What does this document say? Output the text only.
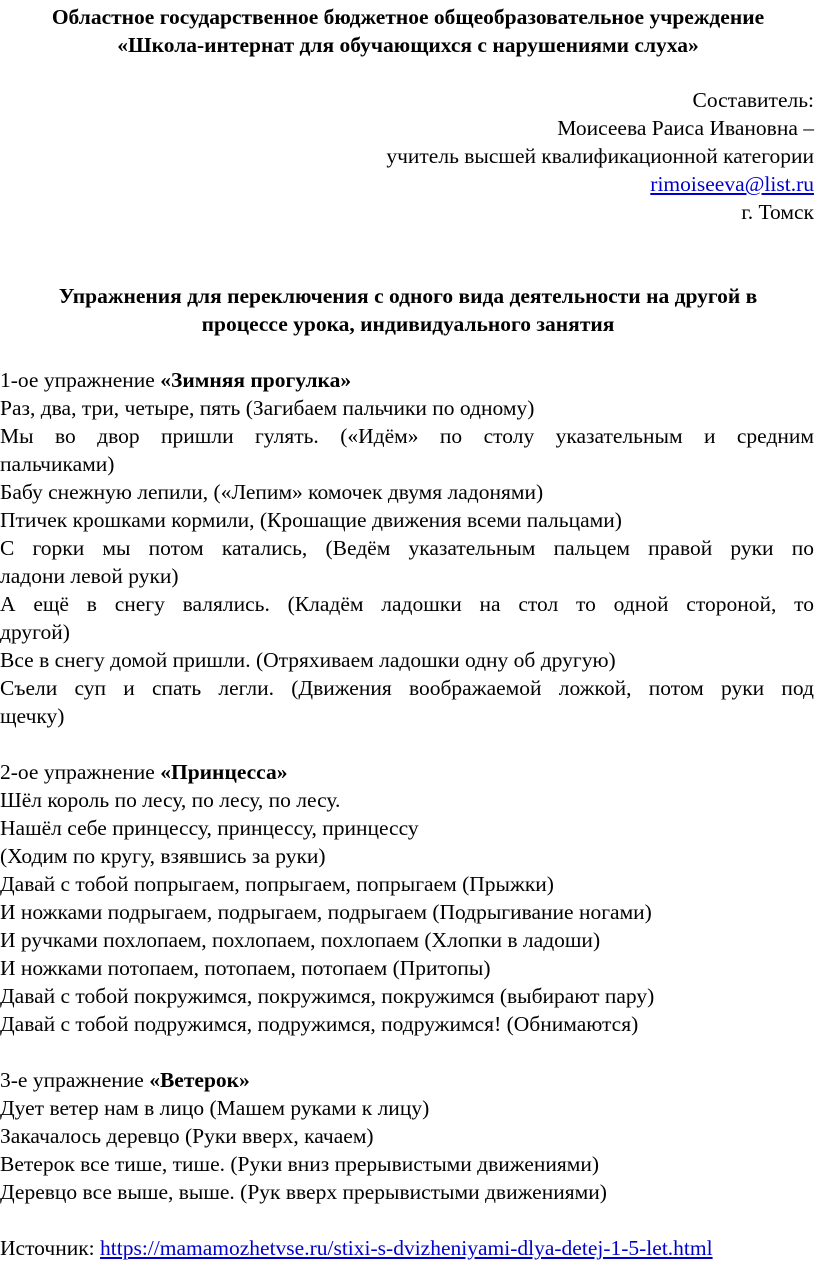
Областное государственное бюджетное общеобразовательное учреждение
«Школа-интернат для обучающихся с нарушениями слуха»
Составитель:
Моисеева Раиса Ивановна –
учитель высшей квалификационной категории
rimoiseeva@list.ru
г. Томск
Упражнения для переключения с одного вида деятельности на другой в
процессе урока, индивидуального занятия
1-ое упражнение «Зимняя прогулка»
Раз, два, три, четыре, пять (Загибаем пальчики по одному)
Мы во двор пришли гулять. («Идём» по столу указательным и средним
пальчиками)
Бабу снежную лепили, («Лепим» комочек двумя ладонями)
Птичек крошками кормили, (Крошащие движения всеми пальцами)
С горки мы потом катались, (Ведём указательным пальцем правой руки по
ладони левой руки)
А ещё в снегу валялись. (Кладём ладошки на стол то одной стороной, то
другой)
Все в снегу домой пришли. (Отряхиваем ладошки одну об другую)
Съели суп и спать легли. (Движения воображаемой ложкой, потом руки под
щечку)
2-ое упражнение «Принцесса»
Шёл король по лесу, по лесу, по лесу.
Нашёл себе принцессу, принцессу, принцессу
(Ходим по кругу, взявшись за руки)
Давай с тобой попрыгаем, попрыгаем, попрыгаем (Прыжки)
И ножками подрыгаем, подрыгаем, подрыгаем (Подрыгивание ногами)
И ручками похлопаем, похлопаем, похлопаем (Хлопки в ладоши)
И ножками потопаем, потопаем, потопаем (Притопы)
Давай с тобой покружимся, покружимся, покружимся (выбирают пару)
Давай с тобой подружимся, подружимся, подружимся! (Обнимаются)
3-е упражнение «Ветерок»
Дует ветер нам в лицо (Машем руками к лицу)
Закачалось деревцо (Руки вверх, качаем)
Ветерок все тише, тише. (Руки вниз прерывистыми движениями)
Деревцо все выше, выше. (Рук вверх прерывистыми движениями)
Источник: https://mamamozhetvse.ru/stixi-s-dvizheniyami-dlya-detej-1-5-let.html
